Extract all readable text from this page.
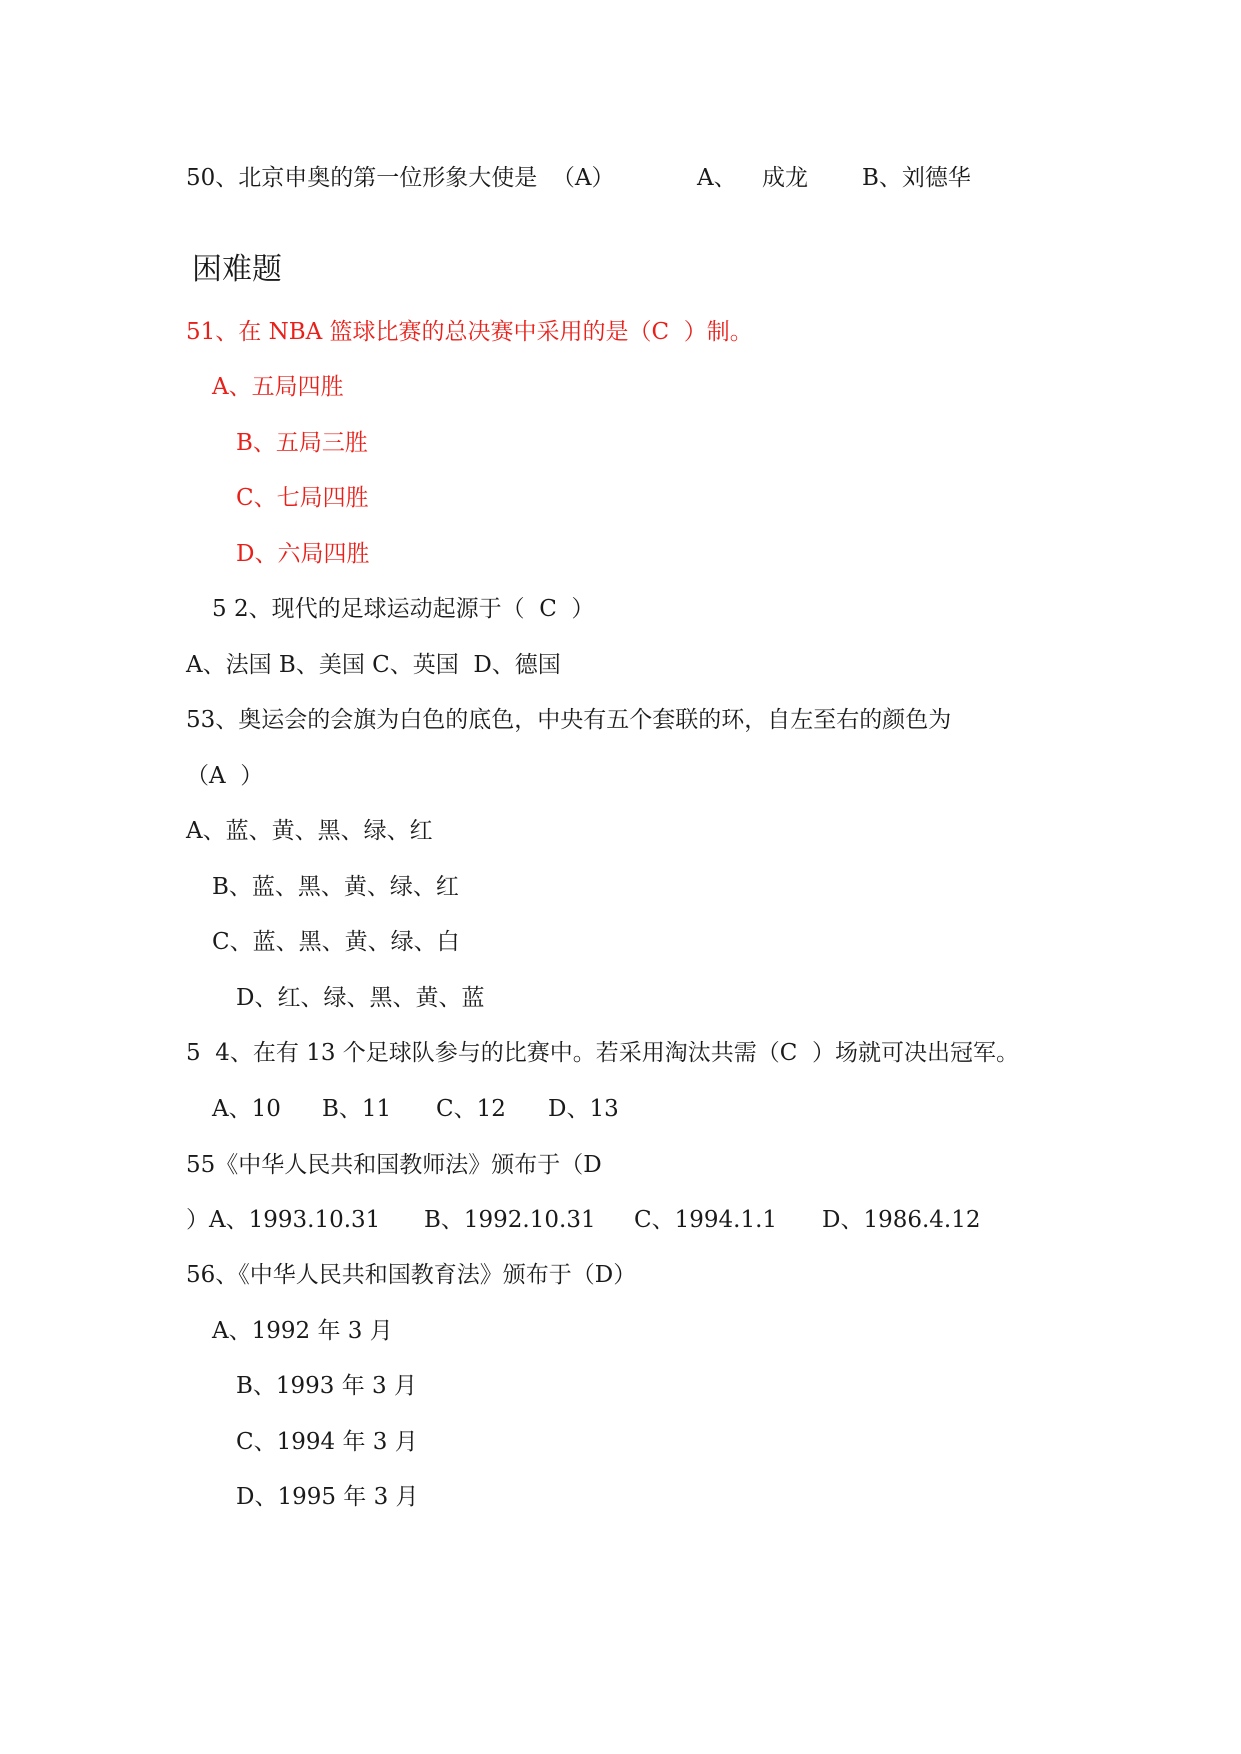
50、北京申奥的第一位形象大使是  （A）	A、 成龙 B、刘德华
困难题
51、在 NBA 篮球比赛的总决赛中采用的是（C  ）制。
A、五局四胜
B、五局三胜
C、七局四胜
D、六局四胜
5 2、现代的足球运动起源于（  C  ）
A、法国 B、美国 C、英国  D、德国
53、奥运会的会旗为白色的底色，中央有五个套联的环，自左至右的颜色为
（A  ）
A、蓝、黄、黑、绿、红
B、蓝、黑、黄、绿、红
C、蓝、黑、黄、绿、白
D、红、绿、黑、黄、蓝
5  4、在有 13 个足球队参与的比赛中。若采用淘汰共需（C  ）场就可决出冠军。
A、10 B、11 C、12 D、13
55《中华人民共和国教师法》颁布于（D
）A、1993.10.31 B、1992.10.31 C、1994.1.1 D、1986.4.12
56、《中华人民共和国教育法》颁布于（D）
A、1992 年 3 月
B、1993 年 3 月
C、1994 年 3 月
D、1995 年 3 月
